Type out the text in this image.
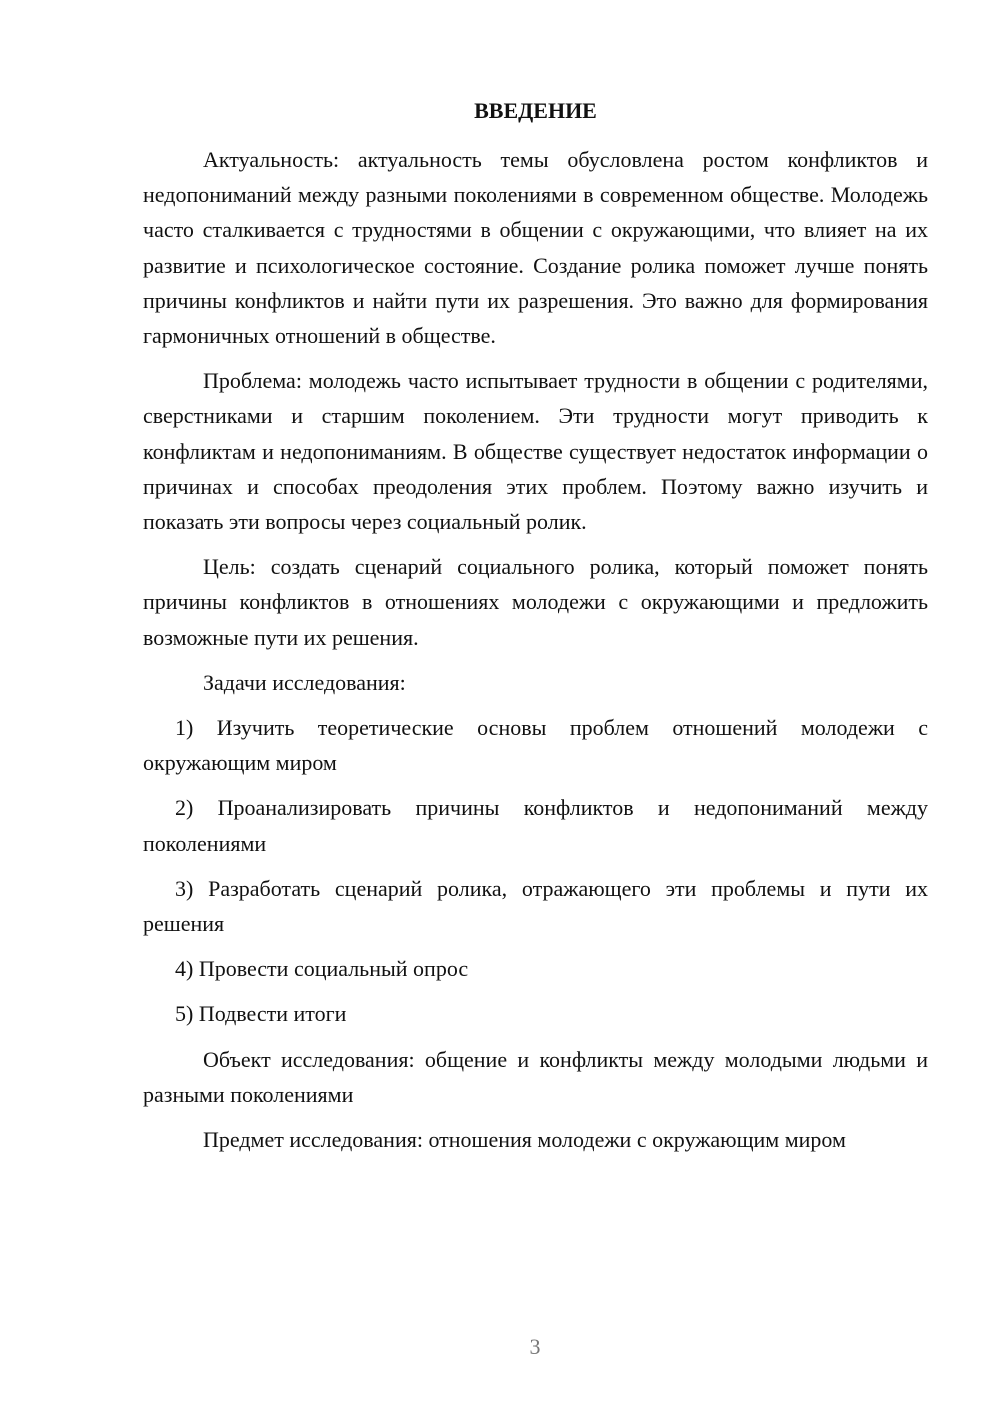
ВВЕДЕНИЕ

Актуальность: актуальность темы обусловлена ростом конфликтов и недопониманий между разными поколениями в современном обществе. Молодежь часто сталкивается с трудностями в общении с окружающими, что влияет на их развитие и психологическое состояние. Создание ролика поможет лучше понять причины конфликтов и найти пути их разрешения. Это важно для формирования гармоничных отношений в обществе.

Проблема: молодежь часто испытывает трудности в общении с родителями, сверстниками и старшим поколением. Эти трудности могут приводить к конфликтам и недопониманиям. В обществе существует недостаток информации о причинах и способах преодоления этих проблем. Поэтому важно изучить и показать эти вопросы через социальный ролик.

Цель: создать сценарий социального ролика, который поможет понять причины конфликтов в отношениях молодежи с окружающими и предложить возможные пути их решения.

Задачи исследования:

1) Изучить теоретические основы проблем отношений молодежи с окружающим миром

2) Проанализировать причины конфликтов и недопониманий между поколениями

3) Разработать сценарий ролика, отражающего эти проблемы и пути их решения

4) Провести социальный опрос

5) Подвести итоги

Объект исследования: общение и конфликты между молодыми людьми и разными поколениями

Предмет исследования: отношения молодежи с окружающим миром

3
